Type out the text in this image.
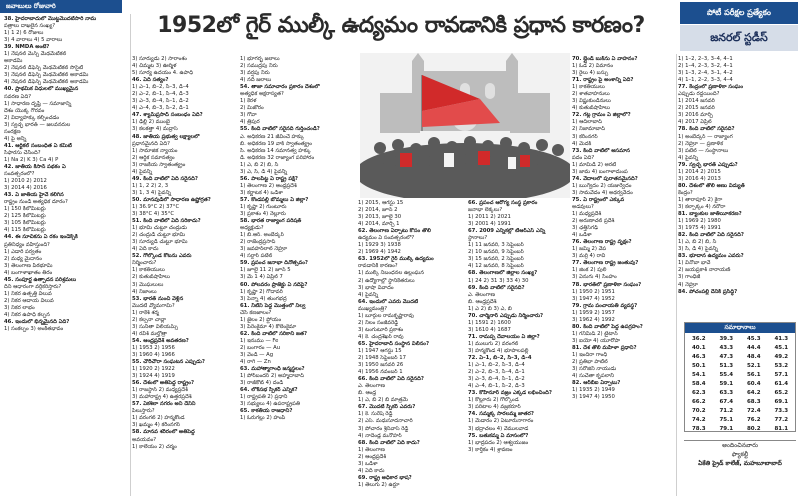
జవాబులు రోజువారి
1952లో గైర్ ముల్కీ ఉద్యమం రావడానికి ప్రధాన కారణం?
పోటీ పరీక్షల ప్రత్యేకం
జనరల్ స్టడీస్
38. హైదరాబాదులో మొట్టమొదటిసారి నామ
పత్రాలు దాఖలైన సంఖ్య?
1) 1 2) 6 రోజులు
3) 4 వారాలు 4) 5 వారాలు
39. NMDA అంటే?
1) నేషనల్ మెన్స్ మేథమేటికల్
అకాడమీ
2) నేషనల్ డిఫెన్స్ మేథమేటికల్ సొసైటీ
3) నేషనల్ డిఫెన్స్ మేథమేటికల్ అకాడమీ
4) నేషనల్ డిఫెన్స్ మేథమేటికల్ అకాడమీ
40. ప్రాథమిక విధులలో ముఖ్యమైన
సవరణ ఏది?
1) సాధారణ దృష్టి — సమాజాన్ని
దేశం యొక్క గౌరవం
2) విద్యాహక్కు కల్పించడం
3) స్వచ్ఛ భారత్ — జలవనరుల
సంరక్షణ
4) పై అన్నీ
41. ఆర్టికల్ సంబంధిత ఏ కమిటీ
సిఫారసు చేసింది?
1) Na 2) K 3) Ca 4) P
42. జాతీయ కిసాన్ పథకం ఏ
సంవత్సరంలో?
1) 2010 2) 2012
3) 2014 4) 2016
43. ఏ జాతీయ హైవే కలిగిన
రాష్ట్రం నుండి అత్యధిక దూరం?
1) 150 కిలోమీటర్లు
2) 125 కిలోమీటర్లు
3) 105 కిలోమీటర్లు
4) 115 కిలోమీటర్లు
44. ఈ సూచికను ఏ రకం ఇండెక్స్‌కి
ప్రతినిధ్యం వహిస్తుంది?
1) ఎడారి పర్వతం
2) మధ్య మైదానం
3) తెలంగాణ పీఠభూమి
4) బంగాళాఖాతం తీరం
45. సంపూర్ణ ఉత్పాదన పరిశ్రమలు
దీని ఆధారంగా వర్గీకరిస్తారు?
1) నికర ఉత్పత్తి విలువ
2) నికర ఆదాయ విలువ
3) నికర లాభం
4) నికర ఉపాధి కల్పన
46. ఇందులో భిన్నమైనది ఏది?
1) సంకల్పం 3) అంకితభావం
3) సూర్యుడు 2) సారాంశం
4) చిమ్మట 3) ఊర్మిళ
5) సూర్య ఉదయం 4. ఉపాధి
46. ఏది సత్యం?
1) ఎ–1, బి–2, సి–3, డి–4
2) ఎ–2, బి–1, సి–4, డి–3
3) ఎ–3, బి–4, సి–1, డి–2
4) ఎ–4, బి–3, సి–2, డి–1
47. శ్యామ్‌ప్రసాద్ సంబంధం ఏది?
1) ఢిల్లీ 2) ముంబై
3) కలకత్తా 4) మద్రాస్
48. జాతీయ ప్రభుత్వ లక్ష్యాలలో
ప్రధానమైనది ఏది?
1) సామాజిక న్యాయం
2) ఆర్థిక సమానత్వం
3) రాజకీయ స్వాతంత్య్రం
4) పైవన్నీ
49. కింది వాటిలో ఏది సరైనది?
1) 1, 2 2) 2, 3
3) 1, 3 4) పైవన్నీ
50. మానవుడిలో సాధారణ ఉష్ణోగ్రత?
1) 36.9°C 2) 37°C
3) 38°C 4) 35°C
51. కింది వాటిలో ఏది సరికాదు?
1) భూమి చుట్టూ చంద్రుడు
2) చంద్రుడి చుట్టూ భూమి
3) సూర్యుడి చుట్టూ భూమి
4) ఏదీ కాదు
52. గోల్కొండ కోటను ఎవరు
నిర్మించారు?
1) కాకతీయులు
2) కుతుబ్‌షాహీలు
3) మొఘలులు
4) నిజాంలు
53. భారత్ నుంచి వెళ్లిన
మొదటి వ్యోమగామి?
1) రాకేశ్ శర్మ
2) కల్పనా చావ్లా
3) సునీతా విలియమ్స్
4) రవీశ్ మల్హోత్రా
54. ఆంధ్రప్రదేశ్ అవతరణ?
1) 1953 2) 1956
3) 1960 4) 1966
55. చౌరీచౌరా సంఘటన ఎప్పుడు?
1) 1920 2) 1922
3) 1924 4) 1919
56. దేశంలో అతిపెద్ద రాష్ట్రం?
1) రాజస్థాన్ 2) మధ్యప్రదేశ్
3) మహారాష్ట్ర 4) ఉత్తరప్రదేశ్
57. ఏకశిలా నగరం అని దేనిని
పిలుస్తారు?
1) వరంగల్ 2) హన్మకొండ
3) ఖమ్మం 4) కరీంనగర్
58. మానవ శరీరంలో అతిపెద్ద
అవయవం?
1) కాలేయం 2) చర్మం
1) భూగర్భ జలాలు
2) సముద్రపు నీరు
3) వర్షపు నీరు
4) నదీ జలాలు
54. తాజా సమాచారం ప్రకారం దేశంలో
అత్యధిక అక్షరాస్యత?
1) కేరళ
2) మిజోరం
3) గోవా
4) త్రిపుర
55. కింది వాటిలో సరైనది గుర్తించండి?
ఎ. అధికరణ 21 జీవించే హక్కు
బి. అధికరణ 19 వాక్ స్వాతంత్య్రం
సి. అధికరణ 14 సమానత్వ హక్కు
డి. అధికరణ 32 రాజ్యాంగ పరిహారం
1) ఎ, బి 2) బి, సి
3) ఎ, సి, డి 4) పైవన్నీ
56. పాలపిట్ట ఏ రాష్ట్ర పక్షి?
1) తెలంగాణ 2) ఆంధ్రప్రదేశ్
3) కర్ణాటక 4) ఒడిశా
57. కొండపల్లి బొమ్మలు ఏ జిల్లా?
1) కృష్ణా 2) గుంటూరు
3) ప్రకాశం 4) నెల్లూరు
58. భారత రాజ్యాంగ పరిషత్
అధ్యక్షుడు?
1) బి.ఆర్. అంబేద్కర్
2) రాజేంద్రప్రసాద్
3) జవహర్‌లాల్ నెహ్రూ
4) సర్దార్ పటేల్
59. ప్రపంచ జనాభా దినోత్సవం?
1) జూలై 11 2) జూన్ 5
3) మే 1 4) ఏప్రిల్ 7
60. పోలవరం ప్రాజెక్టు ఏ నదిపై?
1) కృష్ణా 2) గోదావరి
3) పెన్నా 4) తుంగభద్ర
61. నీటిని పెద్ద మొత్తంలో నిల్వ
చేసే కణజాలం?
1) జైలం 2) ఫ్లోయం
3) పేరెంకైమా 4) కొలెంకైమా
62. కింది వాటిలో సరికాని జత?
1) ఇనుము — Fe
2) బంగారం — Au
3) వెండి — Ag
4) రాగి — Zn
63. మహాత్మాగాంధీ జన్మస్థలం?
1) పోర్‌బందర్ 2) అహ్మదాబాద్
3) రాజ్‌కోట్ 4) దండి
64. లోక్‌సభ స్పీకర్ ఎన్నిక?
1) రాష్ట్రపతి 2) ప్రధాని
3) సభ్యులు 4) ఉపరాష్ట్రపతి
65. కాకతీయ రాజధాని?
1) ఓరుగల్లు 2) హంపి
1) 2015, ఆగస్టు 15
2) 2014, జూన్ 2
3) 2013, జూలై 30
4) 2014, మార్చి 1
62. తెలంగాణ ఏర్పాటు కోసం తొలి
ఉద్యమం ఏ సంవత్సరంలో?
1) 1929 3) 1938
2) 1969 4) 1942
63. 1952లో గైర్ ముల్కీ ఉద్యమం
రావడానికి కారణం?
1) ముల్కీ నిబంధనల ఉల్లంఘన
2) ఉద్యోగాల్లో స్థానికేతరులు
3) భాషా వివాదం
4) పైవన్నీ
64. ఇందులో ఎవరు మొదటి
ముఖ్యమంత్రి?
1) బూర్గుల రామకృష్ణారావు
2) నీలం సంజీవరెడ్డి
3) టంగుటూరి ప్రకాశం
4) కె. చంద్రశేఖర్ రావు
65. హైదరాబాద్ సంస్థాన విలీనం?
1) 1947 ఆగస్టు 15
2) 1948 సెప్టెంబర్ 17
3) 1950 జనవరి 26
4) 1956 నవంబర్ 1
66. కింది వాటిలో ఏది సరైనది?
ఎ. తెలంగాణ
బి. ఆంధ్ర
1) ఎ, బి 2) బి మాత్రమే
67. మొదటి స్పీకర్ ఎవరు?
1) కె. సురేష్ రెడ్డి
2) ఎస్. మధుసూదనాచారి
3) పోచారం శ్రీనివాస్ రెడ్డి
4) నాదెండ్ల మనోహర్
68. కింది వాటిలో ఏది కాదు?
1) తెలంగాణ
2) ఆంధ్రప్రదేశ్
3) ఒడిశా
4) ఏదీ కాదు
69. రాష్ట్ర అధికార భాష?
1) తెలుగు 2) ఉర్దూ
66. ప్రపంచ ఆరోగ్య సంస్థ ప్రకారం
జనాభా లెక్కలు?
1) 2011 2) 2021
3) 2001 4) 1991
67. 2009 ఎన్నికల్లో టీఆర్ఎస్ ఎన్ని
స్థానాలు?
1) 11 జనవరి, 3 సెప్టెంబర్
2) 10 జనవరి, 9 సెప్టెంబర్
3) 15 జనవరి, 2 సెప్టెంబర్
4) 12 జనవరి, 8 సెప్టెంబర్
68. తెలంగాణలో జిల్లాల సంఖ్య?
1) 24 2) 31 3) 33 4) 30
69. కింది వాటిలో సరైనది?
ఎ. తెలంగాణ
బి. ఆంధ్రప్రదేశ్
1) ఎ 2) బి 3) ఎ, బి
70. చార్మినార్ ఎప్పుడు నిర్మించారు?
1) 1591 2) 1600
3) 1610 4) 1687
71. రామప్ప దేవాలయం ఏ జిల్లా?
1) ములుగు 2) వరంగల్
3) హన్మకొండ 4) భూపాలపల్లి
72. ఏ–1, బి–2, సి–3, డి–4
1) ఎ–1, బి–2, సి–3, డి–4
2) ఎ–2, బి–3, సి–4, డి–1
3) ఎ–3, బి–4, సి–1, డి–2
4) ఎ–4, బి–1, సి–2, డి–3
73. కోహినూర్ వజ్రం ఎక్కడ లభించింది?
1) కొల్లూరు 2) గోల్కొండ
3) పరిటాల 4) వజ్రకరూర్
74. సమ్మక్క సారలమ్మ జాతర?
1) మేడారం 2) ఏటూరునాగారం
3) భద్రాచలం 4) వేములవాడ
75. బతుకమ్మ ఏ మాసంలో?
1) భాద్రపదం 2) ఆశ్వయుజం
3) కార్తీకం 4) శ్రావణం
70. బ్లైండ్ బుక్‌ను ఏ వాహనం?
1) ఓడ 2) విమానం
3) రైలు 4) బస్సు
71. రాష్ట్రం పై అంశాన్ని ఏది?
1) కాకతీయులు
2) శాతవాహనులు
3) విష్ణుకుండినులు
4) కుతుబ్‌షాహీలు
72. గట్ల గ్రామం ఏ జిల్లాలో?
1) ఆదిలాబాద్
2) నిజామాబాద్
3) కరీంనగర్
4) మెదక్
73. కింది వాటిలో అసమాన
పదం ఏది?
1) మామిడి 2) అరటి
3) జామ 4) బంగాళాదుంప
74. వేదాలలో పురాతనమైనది?
1) ఋగ్వేదం 2) యజుర్వేదం
3) సామవేదం 4) అథర్వవేదం
75. ఏ రాష్ట్రంలో ఎక్కువ
అడవులు?
1) మధ్యప్రదేశ్
2) అరుణాచల్ ప్రదేశ్
3) ఛత్తీస్‌గఢ్
4) ఒడిశా
76. తెలంగాణ రాష్ట్ర వృక్షం?
1) జమ్మి 2) వేప
3) మర్రి 4) రావి
77. తెలంగాణ రాష్ట్ర జంతువు?
1) జింక 2) పులి
3) ఏనుగు 4) సింహం
78. భారత్‌లో ప్రణాళికా సంఘం?
1) 1950 2) 1951
3) 1947 4) 1952
79. గ్రామ పంచాయతీ వ్యవస్థ?
1) 1959 2) 1957
3) 1962 4) 1992
80. కింది వాటిలో పెద్ద ఉపగ్రహం?
1) గనిమీడ్ 2) టైటాన్
3) ఐయో 4) యూరోపా
81. దేశ తొలి మహిళా ప్రధాని?
1) ఇందిరా గాంధీ
2) ప్రతిభా పాటిల్
3) సరోజినీ నాయుడు
4) సుచేతా కృపలానీ
82. ఆర్‌బీఐ ఏర్పాటు?
1) 1935 2) 1949
3) 1947 4) 1950
1) 1–2, 2–3, 3–4, 4–1
2) 1–4, 2–3, 3–2, 4–1
3) 1–3, 2–4, 3–1, 4–2
4) 1–1, 2–2, 3–3, 4–4
77. కేంద్రంలో ప్రణాళికా సంఘం
ఎప్పుడు రద్దయింది?
1) 2014 జనవరి
2) 2015 జనవరి
3) 2016 మార్చి
4) 2017 ఏప్రిల్
78. కింది వాటిలో సరైనది?
1) అంబేద్కర్ — రాజ్యాంగ
2) నెహ్రూ — ప్రణాళిక
3) పటేల్ — సంస్థానాలు
4) పైవన్నీ
79. స్వచ్ఛ భారత్ ఎప్పుడు?
1) 2014 2) 2015
3) 2016 4) 2013
80. దేశంలో తొలి అణు విద్యుత్
కేంద్రం?
1) తారాపూర్ 2) కైగా
3) కల్పాక్కం 4) నరోరా
81. బ్యాంకుల జాతీయీకరణ?
1) 1969 2) 1980
3) 1975 4) 1991
82. కింది వాటిలో ఏది సరైనది?
1) ఎ, బి 2) బి, సి
3) సి, డి 4) పైవన్నీ
83. భూదాన ఉద్యమం ఎవరు?
1) వినోబా భావే
2) జయప్రకాశ్ నారాయణ్
3) గాంధీజీ
4) నెహ్రూ
84. పోచంపల్లి దేనికి ప్రసిద్ధి?
సమాధానాలు
36.2	39.3	45.3	41.3
40.1	43.3	44.4	45.1
46.3	47.3	48.4	49.2
50.1	51.3	52.1	53.2
54.1	55.4	56.1	57.1
58.4	59.1	60.4	61.4
62.3	63.3	64.2	65.2
66.2	67.4	68.3	69.1
70.2	71.2	72.4	73.3
74.2	75.1	76.2	77.2
78.3	79.1	80.2	81.1
అందించినవారు
ఫ్యాకల్టీ
ఏకేతి ప్రైడ్ కాలేజ్, మహబూబాబాద్
